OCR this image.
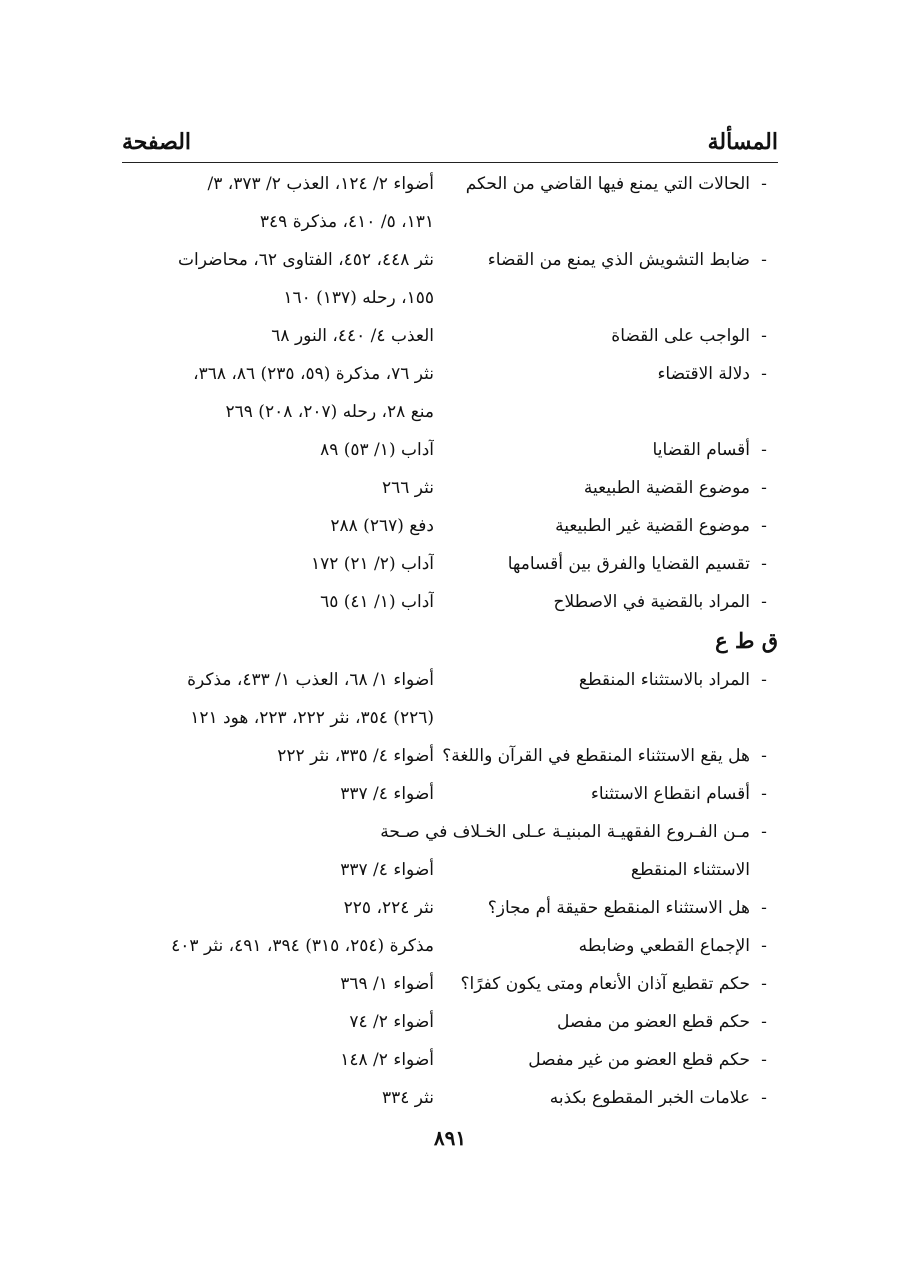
المسألة
الصفحة
-
الحالات التي يمنع فيها القاضي من الحكم
أضواء ٢/ ١٢٤، العذب ٢/ ٣٧٣، ٣/
١٣١، ٥/ ٤١٠، مذكرة ٣٤٩
-
ضابط التشويش الذي يمنع من القضاء
نثر ٤٤٨، ٤٥٢، الفتاوى ٦٢، محاضرات
١٥٥، رحله (١٣٧) ١٦٠
-
الواجب على القضاة
العذب ٤/ ٤٤٠، النور ٦٨
-
دلالة الاقتضاء
نثر ٧٦، مذكرة (٥٩، ٢٣٥) ٨٦، ٣٦٨،
منع ٢٨، رحله (٢٠٧، ٢٠٨) ٢٦٩
-
أقسام القضايا
آداب (١/ ٥٣) ٨٩
-
موضوع القضية الطبيعية
نثر ٢٦٦
-
موضوع القضية غير الطبيعية
دفع (٢٦٧) ٢٨٨
-
تقسيم القضايا والفرق بين أقسامها
آداب (٢/ ٢١) ١٧٢
-
المراد بالقضية في الاصطلاح
آداب (١/ ٤١) ٦٥
ق ط ع
-
المراد بالاستثناء المنقطع
أضواء ١/ ٦٨، العذب ١/ ٤٣٣، مذكرة
(٢٢٦) ٣٥٤، نثر ٢٢٢، ٢٢٣، هود ١٢١
-
هل يقع الاستثناء المنقطع في القرآن واللغة؟
أضواء ٤/ ٣٣٥، نثر ٢٢٢
-
أقسام انقطاع الاستثناء
أضواء ٤/ ٣٣٧
-
مـن الفـروع الفقهيـة المبنيـة عـلى الخـلاف في صـحة
الاستثناء المنقطع
أضواء ٤/ ٣٣٧
-
هل الاستثناء المنقطع حقيقة أم مجاز؟
نثر ٢٢٤، ٢٢٥
-
الإجماع القطعي وضابطه
مذكرة (٢٥٤، ٣١٥) ٣٩٤، ٤٩١، نثر ٤٠٣
-
حكم تقطيع آذان الأنعام ومتى يكون كفرًا؟
أضواء ١/ ٣٦٩
-
حكم قطع العضو من مفصل
أضواء ٢/ ٧٤
-
حكم قطع العضو من غير مفصل
أضواء ٢/ ١٤٨
-
علامات الخبر المقطوع بكذبه
نثر ٣٣٤
٨٩١
